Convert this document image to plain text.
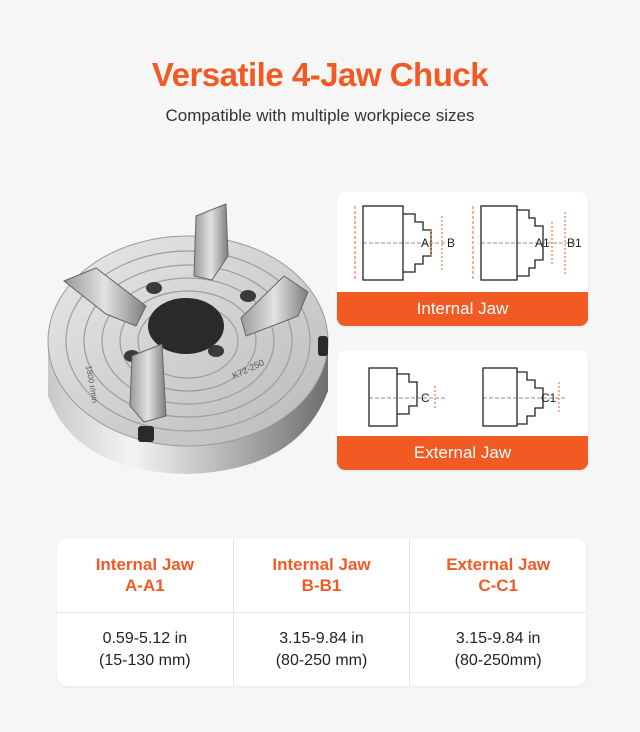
Versatile 4-Jaw Chuck
Compatible with multiple workpiece sizes
K72-250
1800 r/min
A B	A1 B1
Internal Jaw
C	C1
External Jaw
Internal Jaw
A-A1
Internal Jaw
B-B1
External Jaw
C-C1
0.59-5.12 in
(15-130 mm)
3.15-9.84 in
(80-250 mm)
3.15-9.84 in
(80-250mm)
